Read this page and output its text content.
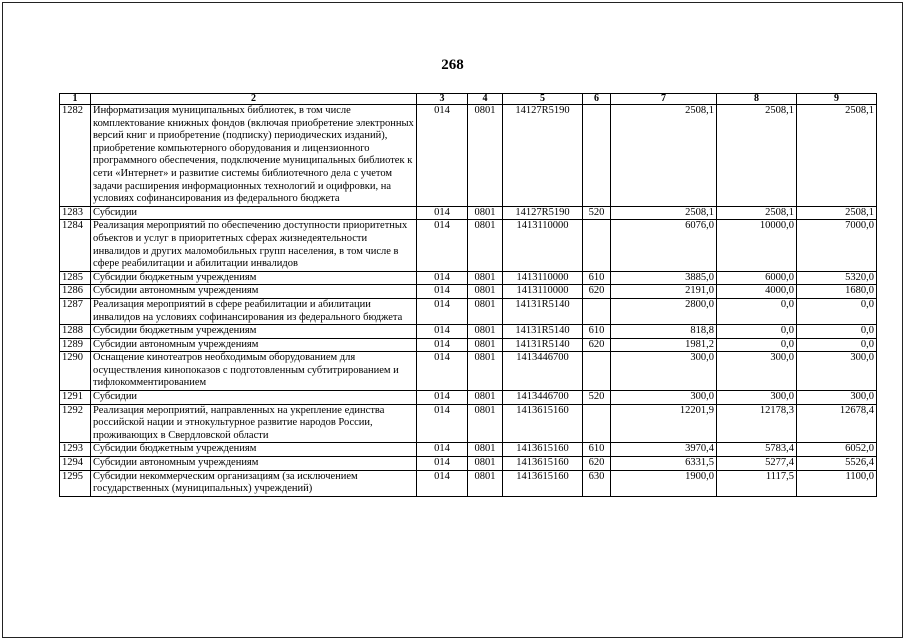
268
1	2	3	4	5	6	7	8	9
1282	Информатизация муниципальных библиотек, в том числе комплектование книжных фондов (включая приобретение электронных версий книг и приобретение (подписку) периодических изданий), приобретение компьютерного оборудования и лицензионного программного обеспечения, подключение муниципальных библиотек к сети «Интернет» и развитие системы библиотечного дела с учетом задачи расширения информационных технологий и оцифровки, на условиях софинансирования из федерального бюджета	014	0801	14127R5190		2508,1	2508,1	2508,1
1283	Субсидии	014	0801	14127R5190	520	2508,1	2508,1	2508,1
1284	Реализация мероприятий по обеспечению доступности приоритетных объектов и услуг в приоритетных сферах жизнедеятельности инвалидов и других маломобильных групп населения, в том числе в сфере реабилитации и абилитации инвалидов	014	0801	1413110000		6076,0	10000,0	7000,0
1285	Субсидии бюджетным учреждениям	014	0801	1413110000	610	3885,0	6000,0	5320,0
1286	Субсидии автономным учреждениям	014	0801	1413110000	620	2191,0	4000,0	1680,0
1287	Реализация мероприятий в сфере реабилитации и абилитации инвалидов на условиях софинансирования из федерального бюджета	014	0801	14131R5140		2800,0	0,0	0,0
1288	Субсидии бюджетным учреждениям	014	0801	14131R5140	610	818,8	0,0	0,0
1289	Субсидии автономным учреждениям	014	0801	14131R5140	620	1981,2	0,0	0,0
1290	Оснащение кинотеатров необходимым оборудованием для осуществления кинопоказов с подготовленным субтитрированием и тифлокомментированием	014	0801	1413446700		300,0	300,0	300,0
1291	Субсидии	014	0801	1413446700	520	300,0	300,0	300,0
1292	Реализация мероприятий, направленных на укрепление единства российской нации и этнокультурное развитие народов России, проживающих в Свердловской области	014	0801	1413615160		12201,9	12178,3	12678,4
1293	Субсидии бюджетным учреждениям	014	0801	1413615160	610	3970,4	5783,4	6052,0
1294	Субсидии автономным учреждениям	014	0801	1413615160	620	6331,5	5277,4	5526,4
1295	Субсидии некоммерческим организациям (за исключением государственных (муниципальных) учреждений)	014	0801	1413615160	630	1900,0	1117,5	1100,0
